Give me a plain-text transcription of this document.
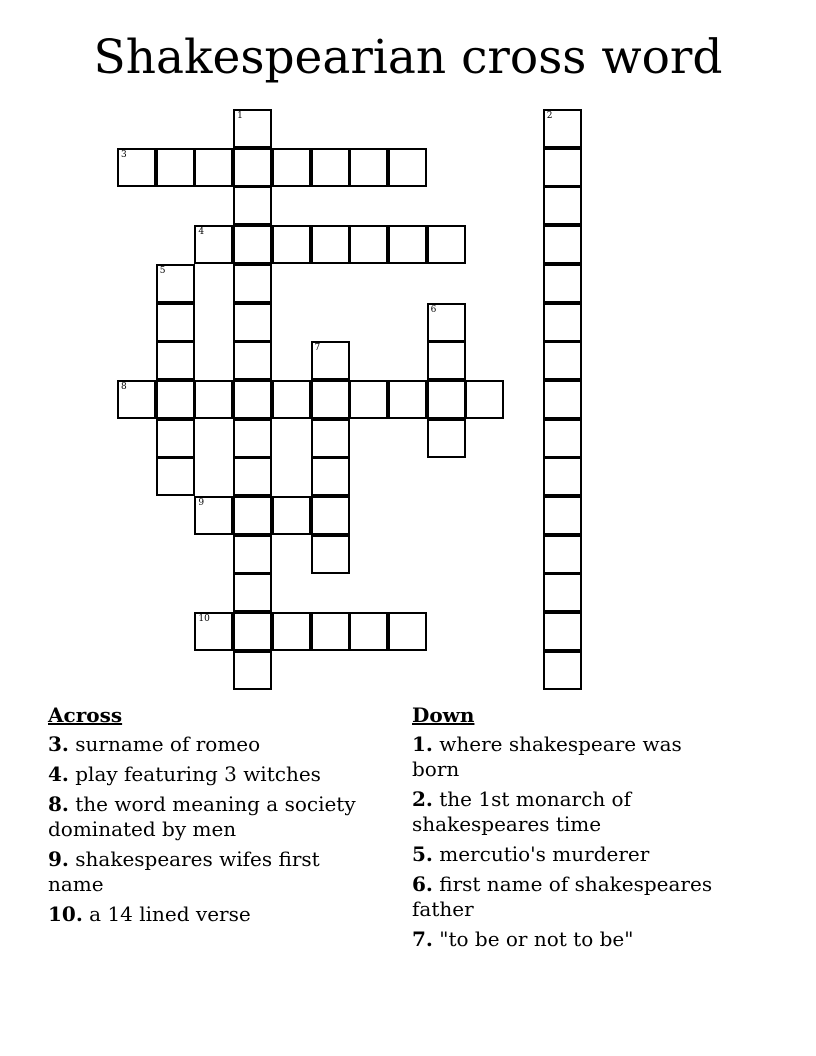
Shakespearian cross word
1	2
3
4
5
6
7
8
9
10
Across
3. surname of romeo
4. play featuring 3 witches
8. the word meaning a society dominated by men
9. shakespeares wifes first name
10. a 14 lined verse
Down
1. where shakespeare was born
2. the 1st monarch of shakespeares time
5. mercutio's murderer
6. first name of shakespeares father
7. "to be or not to be"
